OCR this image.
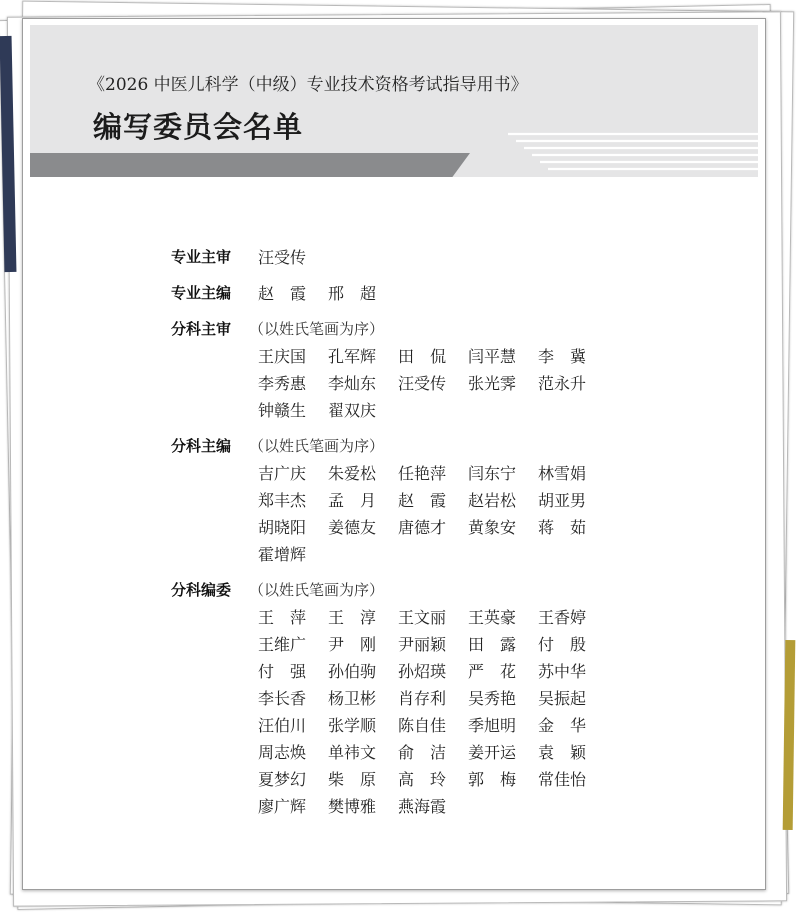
《2026 中医儿科学（中级）专业技术资格考试指导用书》
编写委员会名单
专业主审 汪受传
专业主编 赵　霞 邢　超
分科主审 （以姓氏笔画为序）
王庆国 孔军辉 田　侃 闫平慧 李　冀
李秀惠 李灿东 汪受传 张光霁 范永升
钟赣生 翟双庆
分科主编 （以姓氏笔画为序）
吉广庆 朱爱松 任艳萍 闫东宁 林雪娟
郑丰杰 孟　月 赵　霞 赵岩松 胡亚男
胡晓阳 姜德友 唐德才 黄象安 蒋　茹
霍增辉
分科编委 （以姓氏笔画为序）
王　萍 王　淳 王文丽 王英豪 王香婷
王维广 尹　刚 尹丽颖 田　露 付　殷
付　强 孙伯驹 孙炤瑛 严　花 苏中华
李长香 杨卫彬 肖存利 吴秀艳 吴振起
汪伯川 张学顺 陈自佳 季旭明 金　华
周志焕 单祎文 俞　洁 姜开运 袁　颖
夏梦幻 柴　原 高　玲 郭　梅 常佳怡
廖广辉 樊博雅 燕海霞
